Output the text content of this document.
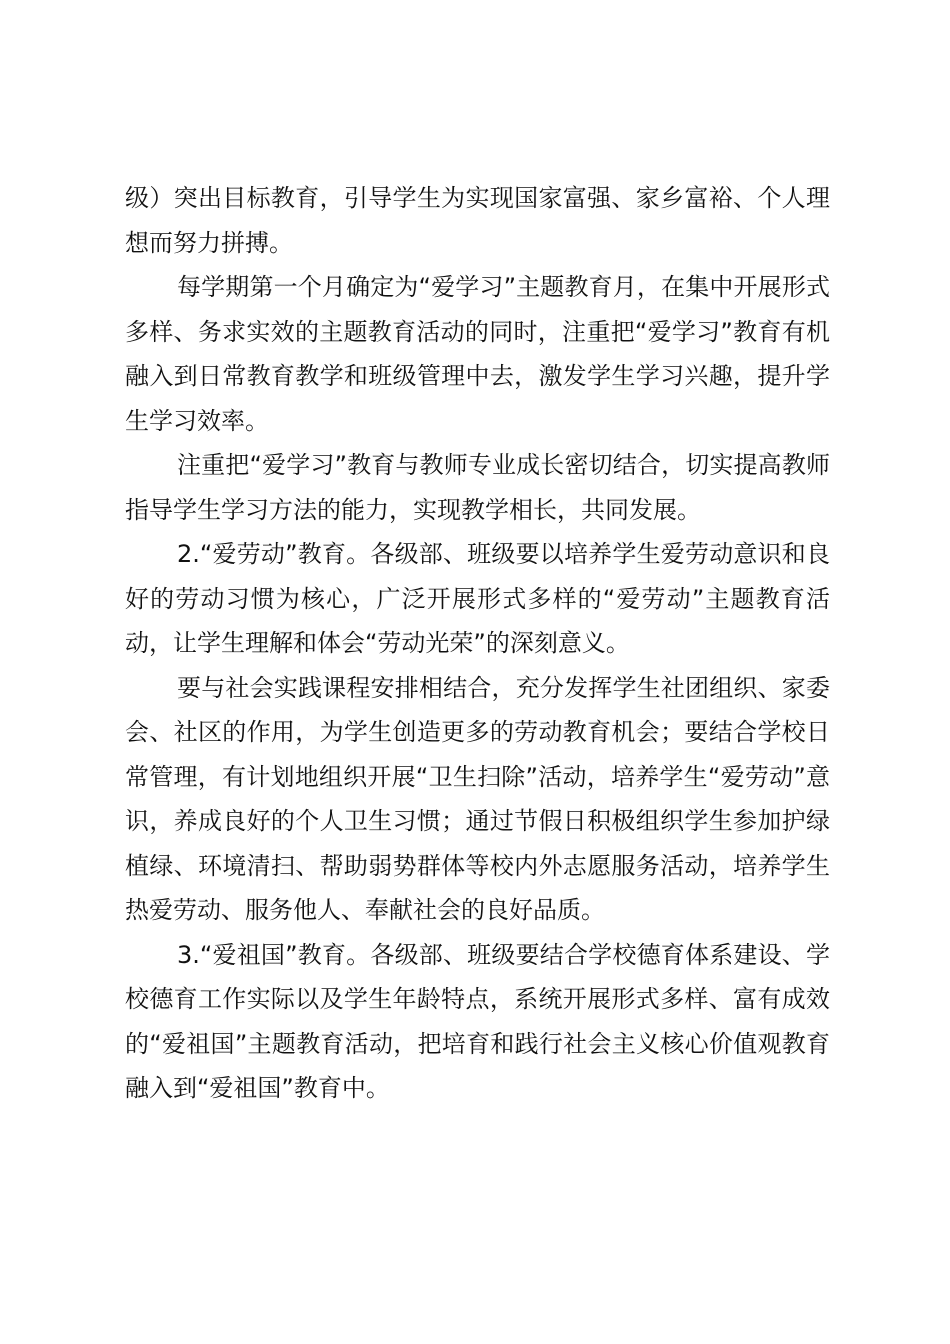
级）突出目标教育，引导学生为实现国家富强、家乡富裕、个人理想而努力拼搏。

每学期第一个月确定为“爱学习”主题教育月，在集中开展形式多样、务求实效的主题教育活动的同时，注重把“爱学习”教育有机融入到日常教育教学和班级管理中去，激发学生学习兴趣，提升学生学习效率。

注重把“爱学习”教育与教师专业成长密切结合，切实提高教师指导学生学习方法的能力，实现教学相长，共同发展。

2.“爱劳动”教育。各级部、班级要以培养学生爱劳动意识和良好的劳动习惯为核心，广泛开展形式多样的“爱劳动”主题教育活动，让学生理解和体会“劳动光荣”的深刻意义。

要与社会实践课程安排相结合，充分发挥学生社团组织、家委会、社区的作用，为学生创造更多的劳动教育机会；要结合学校日常管理，有计划地组织开展“卫生扫除”活动，培养学生“爱劳动”意识，养成良好的个人卫生习惯；通过节假日积极组织学生参加护绿植绿、环境清扫、帮助弱势群体等校内外志愿服务活动，培养学生热爱劳动、服务他人、奉献社会的良好品质。

3.“爱祖国”教育。各级部、班级要结合学校德育体系建设、学校德育工作实际以及学生年龄特点，系统开展形式多样、富有成效的“爱祖国”主题教育活动，把培育和践行社会主义核心价值观教育融入到“爱祖国”教育中。
